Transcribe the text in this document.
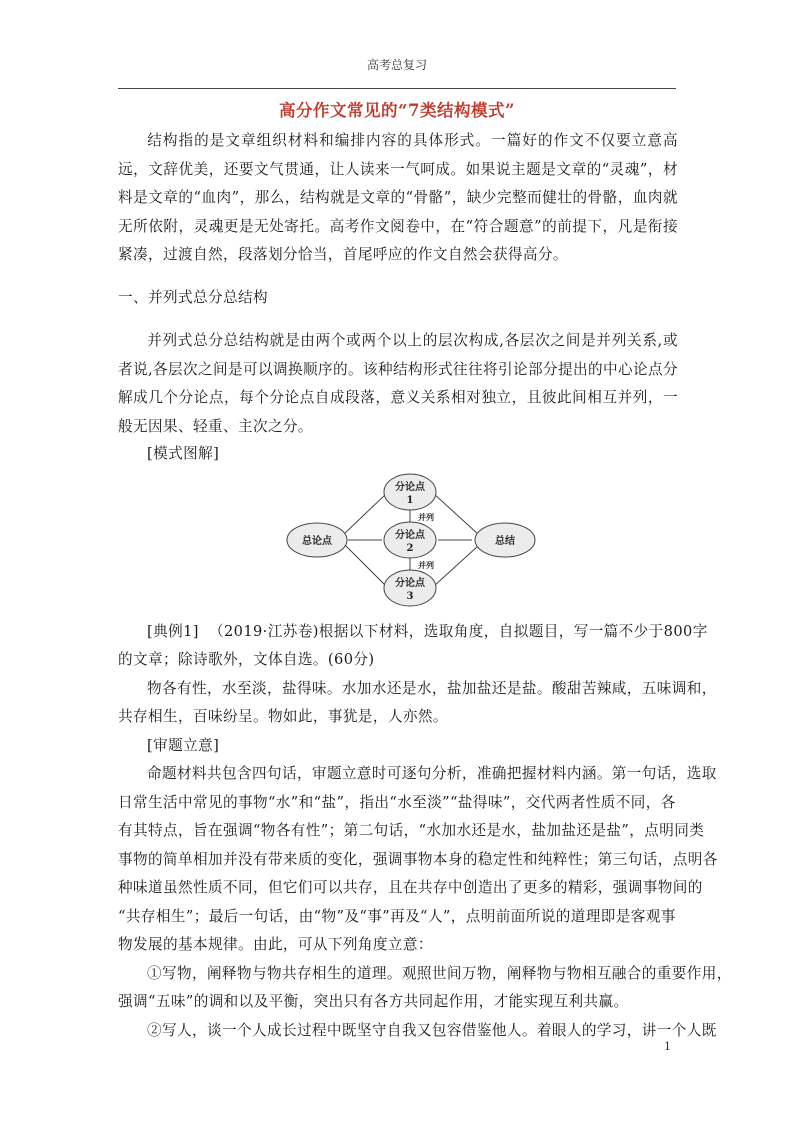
高考总复习
高分作文常见的“7类结构模式”

结构指的是文章组织材料和编排内容的具体形式。一篇好的作文不仅要立意高远，文辞优美，还要文气贯通，让人读来一气呵成。如果说主题是文章的“灵魂”，材料是文章的“血肉”，那么，结构就是文章的“骨骼”，缺少完整而健壮的骨骼，血肉就无所依附，灵魂更是无处寄托。高考作文阅卷中，在“符合题意”的前提下，凡是衔接紧凑，过渡自然，段落划分恰当，首尾呼应的作文自然会获得高分。

一、并列式总分总结构

并列式总分总结构就是由两个或两个以上的层次构成,各层次之间是并列关系,或者说,各层次之间是可以调换顺序的。该种结构形式往往将引论部分提出的中心论点分解成几个分论点，每个分论点自成段落，意义关系相对独立，且彼此间相互并列，一般无因果、轻重、主次之分。

[模式图解]
总论点	总结
分论点
1
分论点
2
分论点
3
并列
并列
[典例1] （2019·江苏卷)根据以下材料，选取角度，自拟题目，写一篇不少于800字
的文章；除诗歌外，文体自选。(60分)
物各有性，水至淡，盐得味。水加水还是水，盐加盐还是盐。酸甜苦辣咸，五味调和，
共存相生，百味纷呈。物如此，事犹是，人亦然。
[审题立意]
命题材料共包含四句话，审题立意时可逐句分析，准确把握材料内涵。第一句话，选取
日常生活中常见的事物“水”和“盐”，指出“水至淡”“盐得味”，交代两者性质不同，各
有其特点，旨在强调“物各有性”；第二句话，“水加水还是水，盐加盐还是盐”，点明同类
事物的简单相加并没有带来质的变化，强调事物本身的稳定性和纯粹性；第三句话，点明各
种味道虽然性质不同，但它们可以共存，且在共存中创造出了更多的精彩，强调事物间的
“共存相生”；最后一句话，由“物”及“事”再及“人”，点明前面所说的道理即是客观事
物发展的基本规律。由此，可从下列角度立意：
①写物，阐释物与物共存相生的道理。观照世间万物，阐释物与物相互融合的重要作用，
强调“五味”的调和以及平衡，突出只有各方共同起作用，才能实现互利共赢。
②写人，谈一个人成长过程中既坚守自我又包容借鉴他人。着眼人的学习，讲一个人既
1
